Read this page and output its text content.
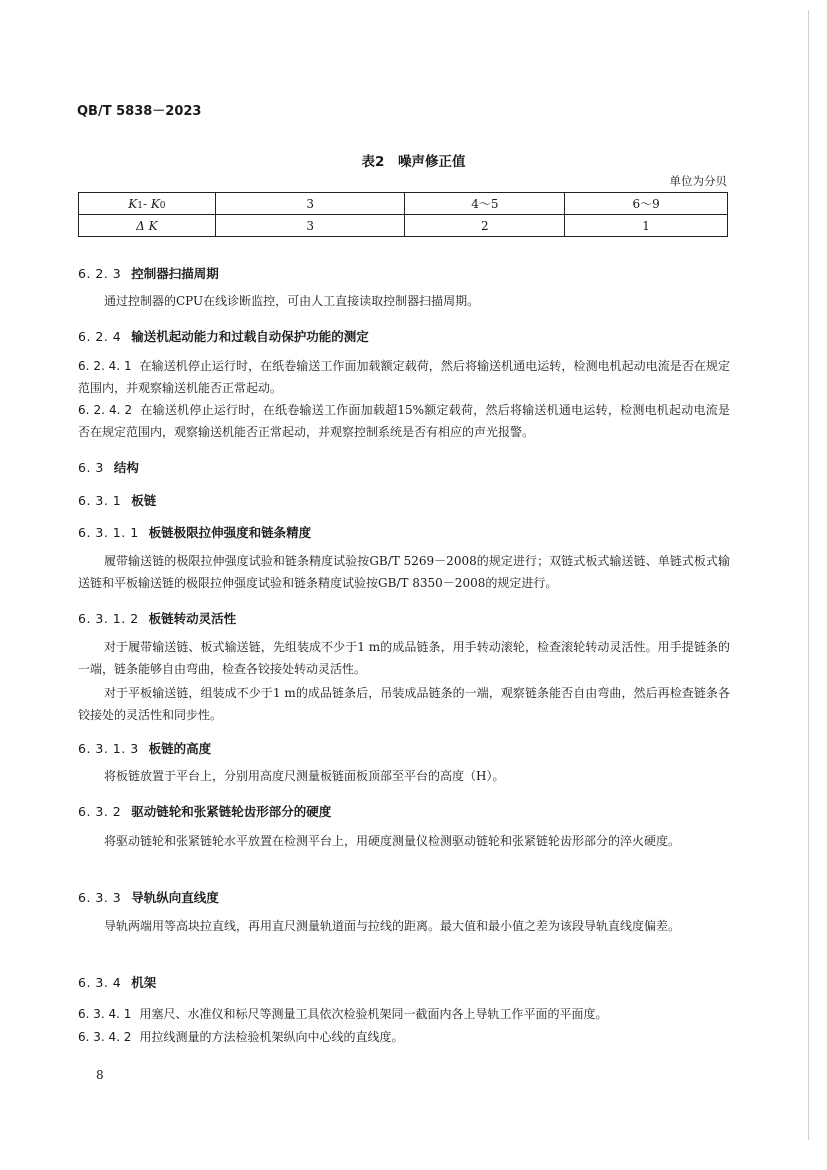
QB/T 5838－2023
表2　噪声修正值
单位为分贝
K1- K0	3	4～5	6～9
Δ K	3	2	1
6. 2. 3 控制器扫描周期
通过控制器的CPU在线诊断监控，可由人工直接读取控制器扫描周期。
6. 2. 4 输送机起动能力和过载自动保护功能的测定
6. 2. 4. 1 在输送机停止运行时，在纸卷输送工作面加载额定载荷，然后将输送机通电运转，检测电机起动电流是否在规定范围内，并观察输送机能否正常起动。
6. 2. 4. 2 在输送机停止运行时，在纸卷输送工作面加载超15%额定载荷，然后将输送机通电运转，检测电机起动电流是否在规定范围内，观察输送机能否正常起动，并观察控制系统是否有相应的声光报警。
6. 3 结构
6. 3. 1 板链
6. 3. 1. 1 板链极限拉伸强度和链条精度
履带输送链的极限拉伸强度试验和链条精度试验按GB/T 5269－2008的规定进行；双链式板式输送链、单链式板式输送链和平板输送链的极限拉伸强度试验和链条精度试验按GB/T 8350－2008的规定进行。
6. 3. 1. 2 板链转动灵活性
对于履带输送链、板式输送链，先组装成不少于1 m的成品链条，用手转动滚轮，检查滚轮转动灵活性。用手提链条的一端，链条能够自由弯曲，检查各铰接处转动灵活性。
对于平板输送链，组装成不少于1 m的成品链条后，吊装成品链条的一端，观察链条能否自由弯曲，然后再检查链条各铰接处的灵活性和同步性。
6. 3. 1. 3 板链的高度
将板链放置于平台上，分别用高度尺测量板链面板顶部至平台的高度（H）。
6. 3. 2 驱动链轮和张紧链轮齿形部分的硬度
将驱动链轮和张紧链轮水平放置在检测平台上，用硬度测量仪检测驱动链轮和张紧链轮齿形部分的淬火硬度。
6. 3. 3 导轨纵向直线度
导轨两端用等高块拉直线，再用直尺测量轨道面与拉线的距离。最大值和最小值之差为该段导轨直线度偏差。
6. 3. 4 机架
6. 3. 4. 1 用塞尺、水准仪和标尺等测量工具依次检验机架同一截面内各上导轨工作平面的平面度。
6. 3. 4. 2 用拉线测量的方法检验机架纵向中心线的直线度。
8
